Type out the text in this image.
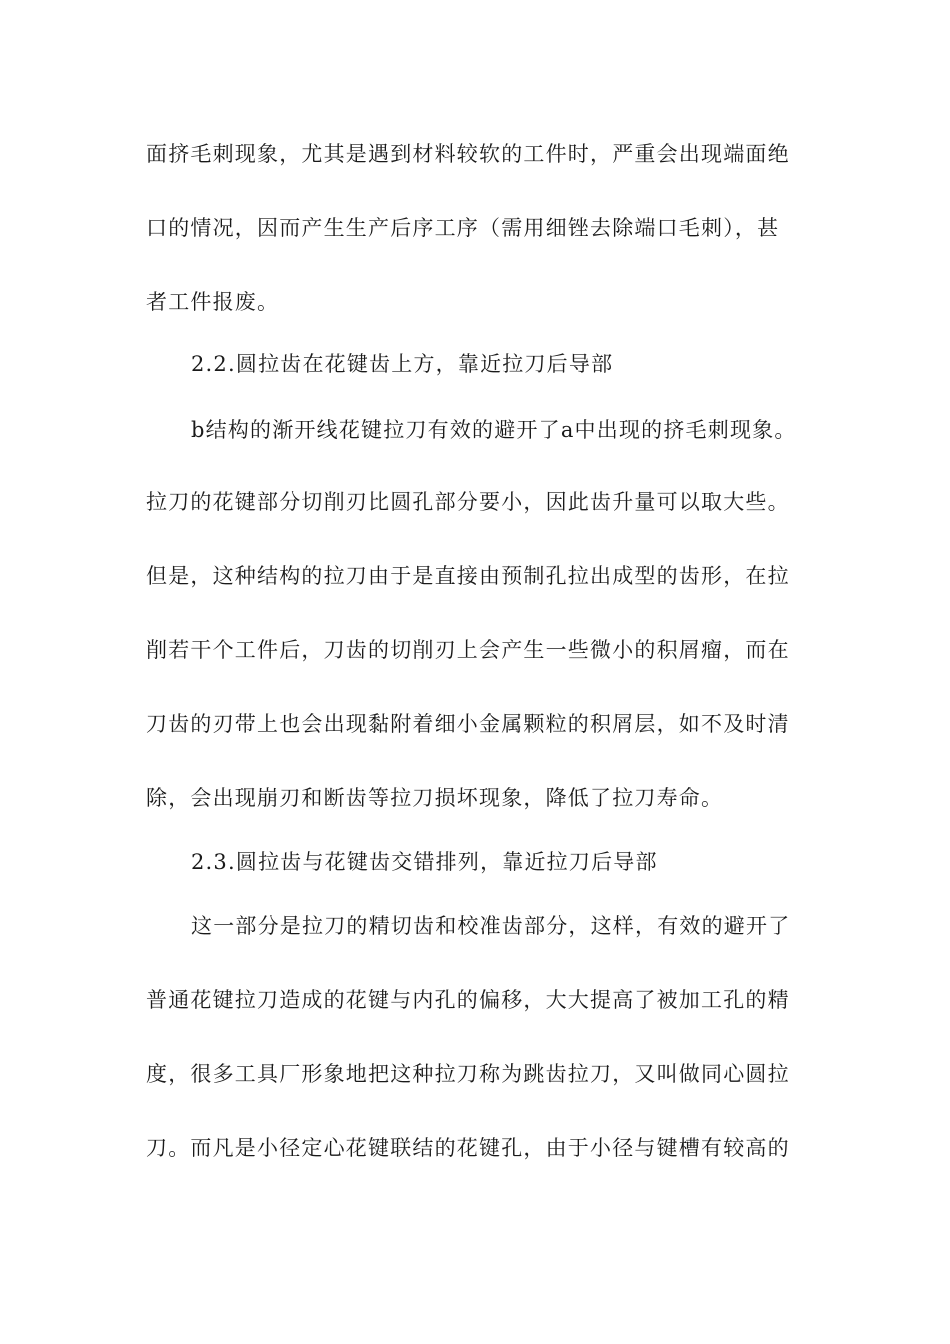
面挤毛刺现象，尤其是遇到材料较软的工件时，严重会出现端面绝
口的情况，因而产生生产后序工序（需用细锉去除端口毛刺），甚
者工件报废。
2.2.圆拉齿在花键齿上方，靠近拉刀后导部
b结构的渐开线花键拉刀有效的避开了a中出现的挤毛刺现象。
拉刀的花键部分切削刃比圆孔部分要小，因此齿升量可以取大些。
但是，这种结构的拉刀由于是直接由预制孔拉出成型的齿形，在拉
削若干个工件后，刀齿的切削刃上会产生一些微小的积屑瘤，而在
刀齿的刃带上也会出现黏附着细小金属颗粒的积屑层，如不及时清
除，会出现崩刃和断齿等拉刀损坏现象，降低了拉刀寿命。
2.3.圆拉齿与花键齿交错排列，靠近拉刀后导部
这一部分是拉刀的精切齿和校准齿部分，这样，有效的避开了
普通花键拉刀造成的花键与内孔的偏移，大大提高了被加工孔的精
度，很多工具厂形象地把这种拉刀称为跳齿拉刀，又叫做同心圆拉
刀。而凡是小径定心花键联结的花键孔，由于小径与键槽有较高的
